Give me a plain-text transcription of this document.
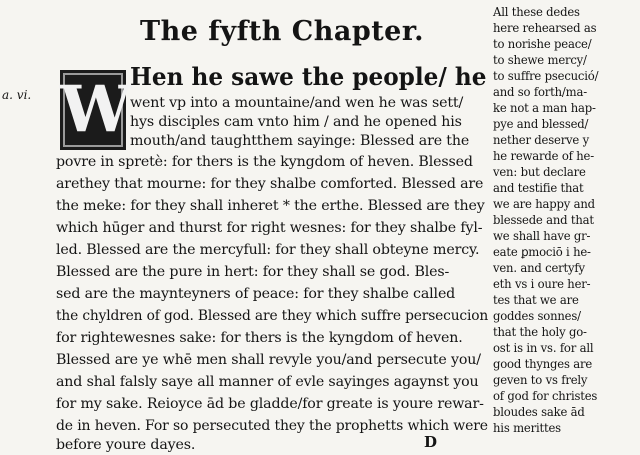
The fyfth Chapter.
a. vi. W
Hen he sawe the people/ he
went vp into a mountaine/and wen he was sett/
hys disciples cam vnto him / and he opened his
mouth/and taughtthem sayinge: Blessed are the
povre in spretè: for thers is the kyngdom of heven. Blessed
arethey that mourne: for they shalbe comforted. Blessed are
the meke: for they shall inheret * the erthe. Blessed are they
which hūger and thurst for right wesnes: for they shalbe fyl-
led. Blessed are the mercyfull: for they shall obteyne mercy.
Blessed are the pure in hert: for they shall se god. Bles-
sed are the maynteyners of peace: for they shalbe called
the chyldren of god. Blessed are they which suffre persecucion
for rightewesnes sake: for thers is the kyngdom of heven.
Blessed are ye whē men shall revyle you/and persecute you/
and shal falsly saye all manner of evle sayinges agaynst you
for my sake. Reioyce ād be gladde/for greate is youre rewar-
de in heven. For so persecuted they the prophetts which were
before youre dayes.
All these dedes
here rehearsed as
to norishe peace/
to shewe mercy/
to suffre psecució/
and so forth/ma-
ke not a man hap-
pye and blessed/
nether deserve y
he rewarde of he-
ven: but declare
and testifie that
we are happy and
blessede and that
we shall have gr-
eate ꝑmociō i he-
ven. and certyfy
eth vs i oure her-
tes that we are
goddes sonnes/
that the holy go-
ost is in vs. for all
good thynges are
geven to vs frely
of god for christes
bloudes sake ād
his merittes
D
